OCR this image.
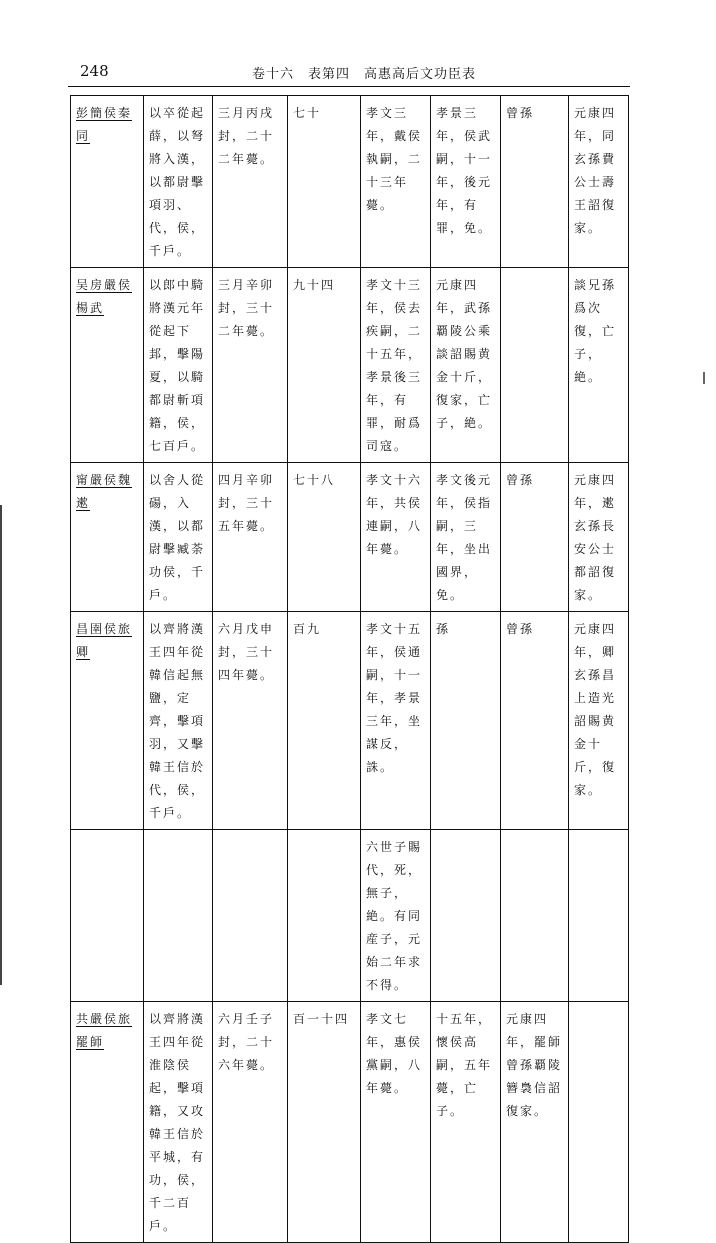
248	卷十六　表第四　高惠高后文功臣表
彭簡侯秦同	以卒從起薛，以弩將入漢，以都尉擊項羽、代，侯，千戶。	三月丙戌封，二十二年薨。	七十	孝文三年，戴侯執嗣，二十三年薨。	孝景三年，侯武嗣，十一年，後元年，有罪，免。	曾孫	元康四年，同玄孫費公士壽王詔復家。
吴房嚴侯楊武	以郎中騎將漢元年從起下邽，擊陽夏，以騎都尉斬項籍，侯，七百戶。	三月辛卯封，三十二年薨。	九十四	孝文十三年，侯去疾嗣，二十五年，孝景後三年，有罪，耐爲司寇。	元康四年，武孫覇陵公乘談詔賜黄金十斤，復家，亡子，絶。		談兄孫爲次復，亡子，絶。
甯嚴侯魏遬	以舍人從碭，入漢，以都尉擊臧荼功侯，千戶。	四月辛卯封，三十五年薨。	七十八	孝文十六年，共侯連嗣，八年薨。	孝文後元年，侯指嗣，三年，坐出國界，免。	曾孫	元康四年，遬玄孫長安公士都詔復家。
昌圉侯旅卿	以齊將漢王四年從韓信起無鹽，定齊，擊項羽，又擊韓王信於代，侯，千戶。	六月戊申封，三十四年薨。	百九	孝文十五年，侯通嗣，十一年，孝景三年，坐謀反，誅。	孫	曾孫	元康四年，卿玄孫昌上造光詔賜黄金十斤，復家。
				六世子賜代，死，無子，絶。有同産子，元始二年求不得。			
共嚴侯旅罷師	以齊將漢王四年從淮陰侯起，擊項籍，又攻韓王信於平城，有功，侯，千二百戶。	六月壬子封，二十六年薨。	百一十四	孝文七年，惠侯黨嗣，八年薨。	十五年，懷侯高嗣，五年薨，亡子。	元康四年，罷師曾孫覇陵簪裊信詔復家。	
